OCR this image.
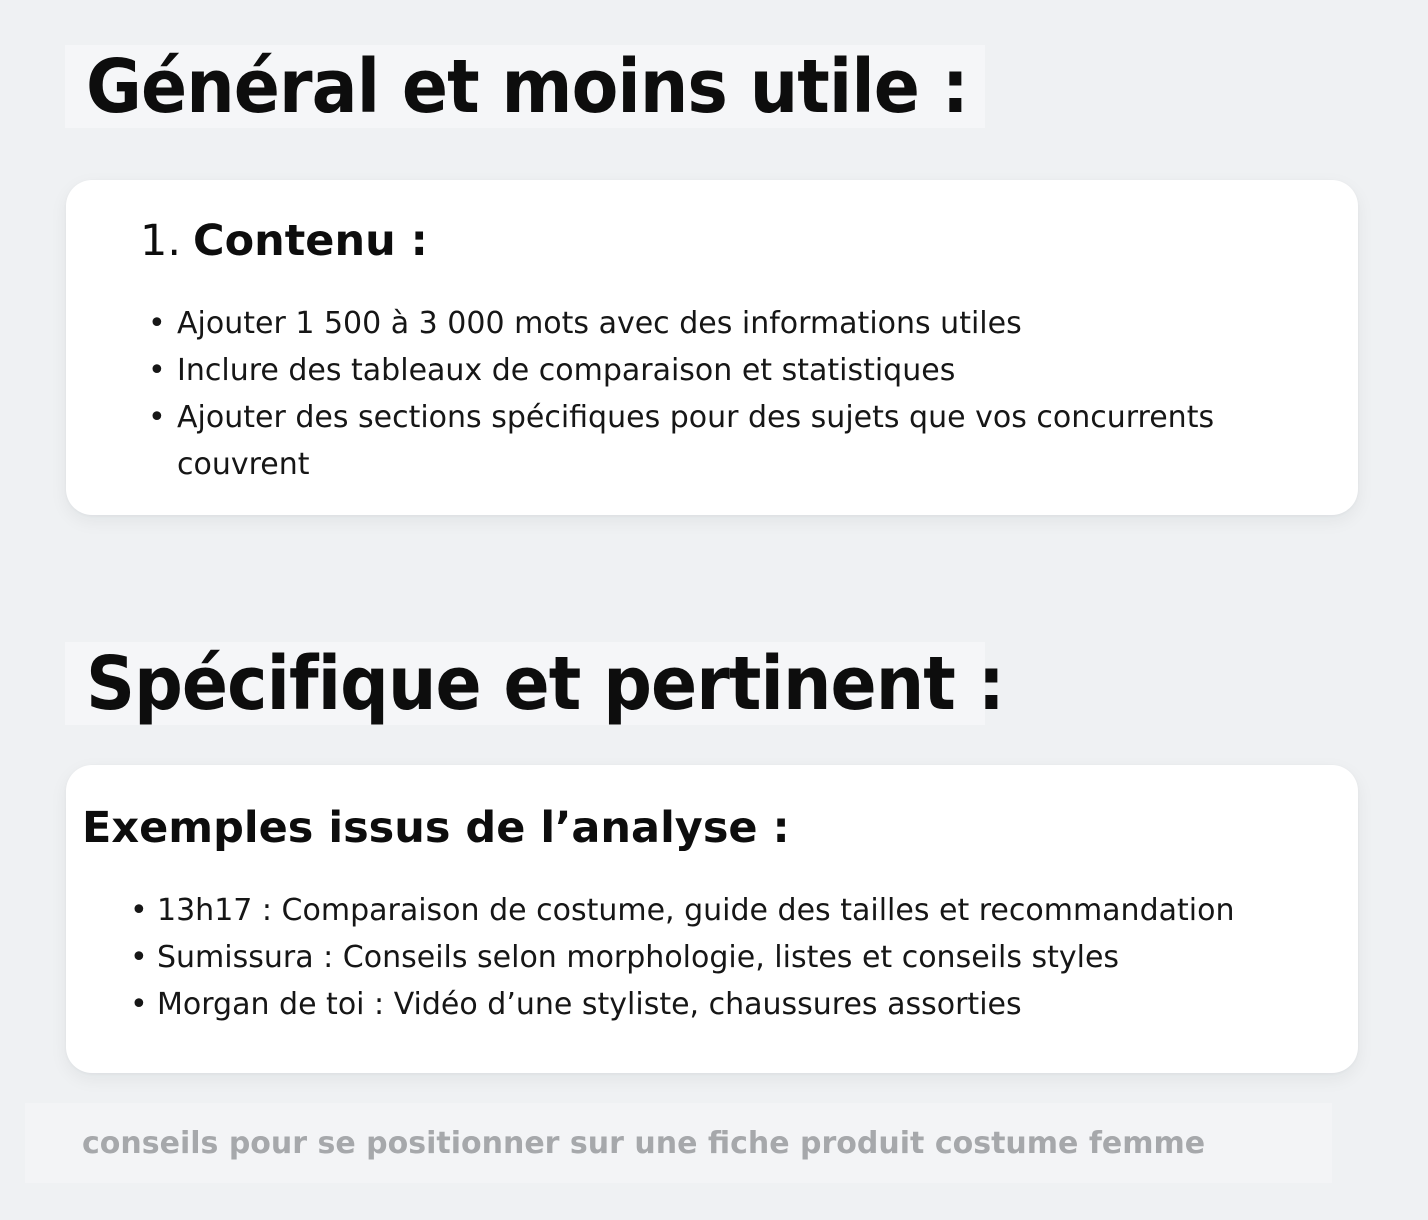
Général et moins utile :
1. Contenu :
• Ajouter 1 500 à 3 000 mots avec des informations utiles
• Inclure des tableaux de comparaison et statistiques
• Ajouter des sections spécifiques pour des sujets que vos concurrents couvrent
Spécifique et pertinent :
Exemples issus de l’analyse :
• 13h17 : Comparaison de costume, guide des tailles et recommandation
• Sumissura : Conseils selon morphologie, listes et conseils styles
• Morgan de toi : Vidéo d’une styliste, chaussures assorties
conseils pour se positionner sur une fiche produit costume femme
